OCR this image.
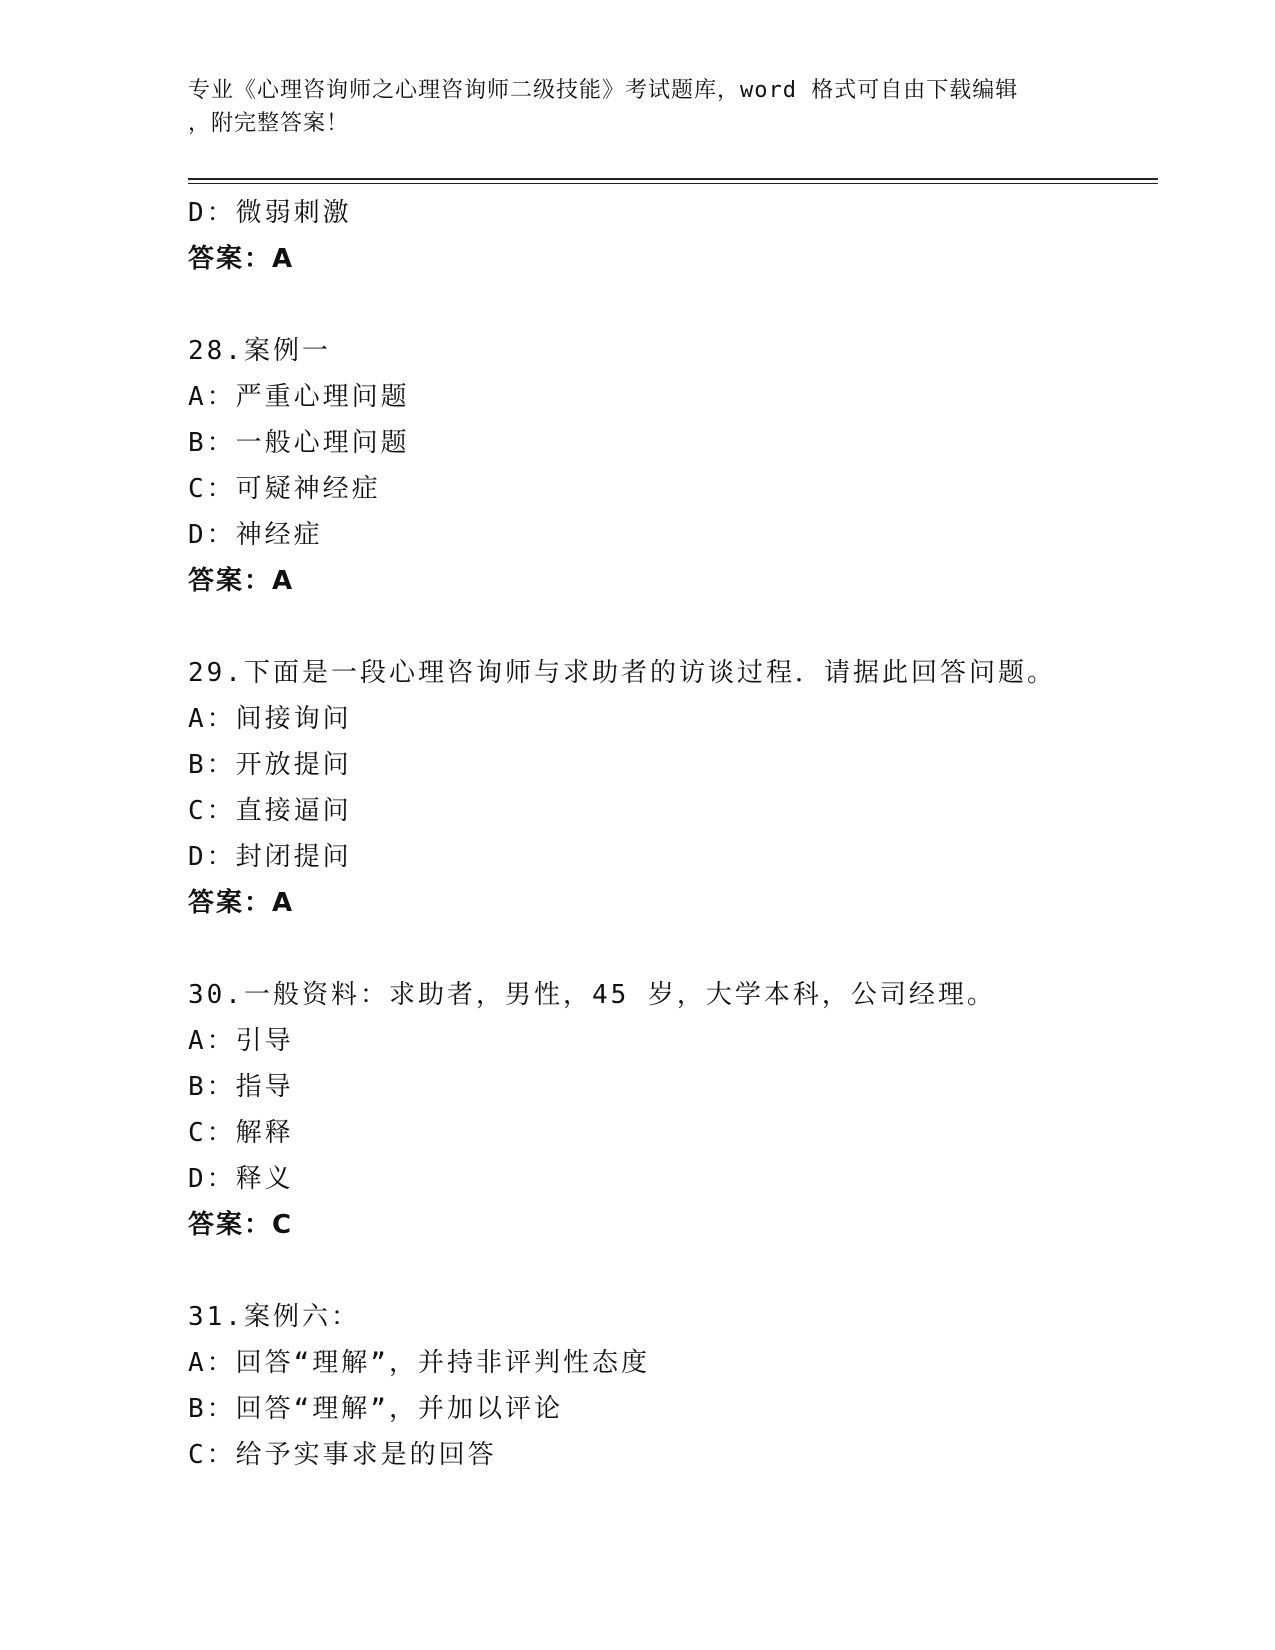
专业《心理咨询师之心理咨询师二级技能》考试题库，word 格式可自由下载编辑
，附完整答案！
D：微弱刺激
答案：A
28.案例一
A：严重心理问题
B：一般心理问题
C：可疑神经症
D：神经症
答案：A
29.下面是一段心理咨询师与求助者的访谈过程．请据此回答问题。
A：间接询问
B：开放提问
C：直接逼问
D：封闭提问
答案：A
30.一般资料：求助者，男性，45 岁，大学本科，公司经理。
A：引导
B：指导
C：解释
D：释义
答案：C
31.案例六：
A：回答“理解”，并持非评判性态度
B：回答“理解”，并加以评论
C：给予实事求是的回答
